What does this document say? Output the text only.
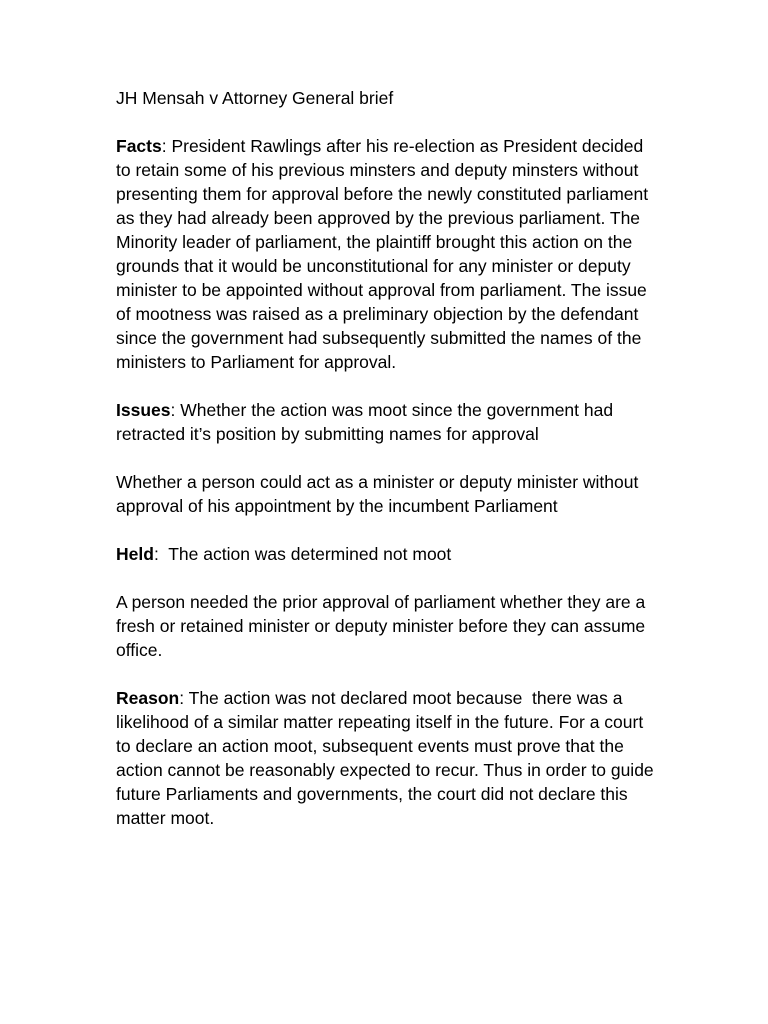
JH Mensah v Attorney General brief

Facts: President Rawlings after his re-election as President decided to retain some of his previous minsters and deputy minsters without presenting them for approval before the newly constituted parliament as they had already been approved by the previous parliament. The Minority leader of parliament, the plaintiff brought this action on the grounds that it would be unconstitutional for any minister or deputy minister to be appointed without approval from parliament. The issue of mootness was raised as a preliminary objection by the defendant since the government had subsequently submitted the names of the ministers to Parliament for approval.

Issues: Whether the action was moot since the government had retracted it’s position by submitting names for approval

Whether a person could act as a minister or deputy minister without approval of his appointment by the incumbent Parliament

Held:  The action was determined not moot

A person needed the prior approval of parliament whether they are a fresh or retained minister or deputy minister before they can assume office.

Reason: The action was not declared moot because  there was a likelihood of a similar matter repeating itself in the future. For a court to declare an action moot, subsequent events must prove that the action cannot be reasonably expected to recur. Thus in order to guide future Parliaments and governments, the court did not declare this matter moot.
